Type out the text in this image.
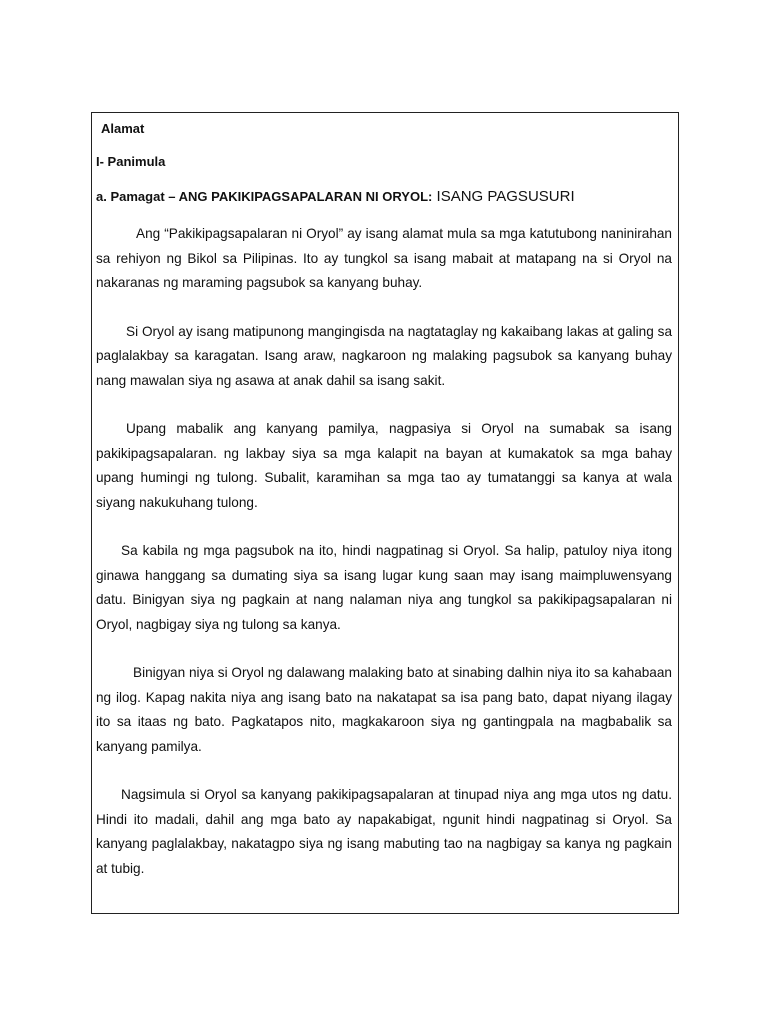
Alamat
I- Panimula
a. Pamagat – ANG PAKIKIPAGSAPALARAN NI ORYOL: ISANG PAGSUSURI

Ang “Pakikipagsapalaran ni Oryol” ay isang alamat mula sa mga katutubong naninirahan sa rehiyon ng Bikol sa Pilipinas. Ito ay tungkol sa isang mabait at matapang na si Oryol na nakaranas ng maraming pagsubok sa kanyang buhay.

Si Oryol ay isang matipunong mangingisda na nagtataglay ng kakaibang lakas at galing sa paglalakbay sa karagatan. Isang araw, nagkaroon ng malaking pagsubok sa kanyang buhay nang mawalan siya ng asawa at anak dahil sa isang sakit.

Upang mabalik ang kanyang pamilya, nagpasiya si Oryol na sumabak sa isang pakikipagsapalaran. ng lakbay siya sa mga kalapit na bayan at kumakatok sa mga bahay upang humingi ng tulong. Subalit, karamihan sa mga tao ay tumatanggi sa kanya at wala siyang nakukuhang tulong.

Sa kabila ng mga pagsubok na ito, hindi nagpatinag si Oryol. Sa halip, patuloy niya itong ginawa hanggang sa dumating siya sa isang lugar kung saan may isang maimpluwensyang datu. Binigyan siya ng pagkain at nang nalaman niya ang tungkol sa pakikipagsapalaran ni Oryol, nagbigay siya ng tulong sa kanya.

Binigyan niya si Oryol ng dalawang malaking bato at sinabing dalhin niya ito sa kahabaan ng ilog. Kapag nakita niya ang isang bato na nakatapat sa isa pang bato, dapat niyang ilagay ito sa itaas ng bato. Pagkatapos nito, magkakaroon siya ng gantingpala na magbabalik sa kanyang pamilya.

Nagsimula si Oryol sa kanyang pakikipagsapalaran at tinupad niya ang mga utos ng datu. Hindi ito madali, dahil ang mga bato ay napakabigat, ngunit hindi nagpatinag si Oryol. Sa kanyang paglalakbay, nakatagpo siya ng isang mabuting tao na nagbigay sa kanya ng pagkain at tubig.
